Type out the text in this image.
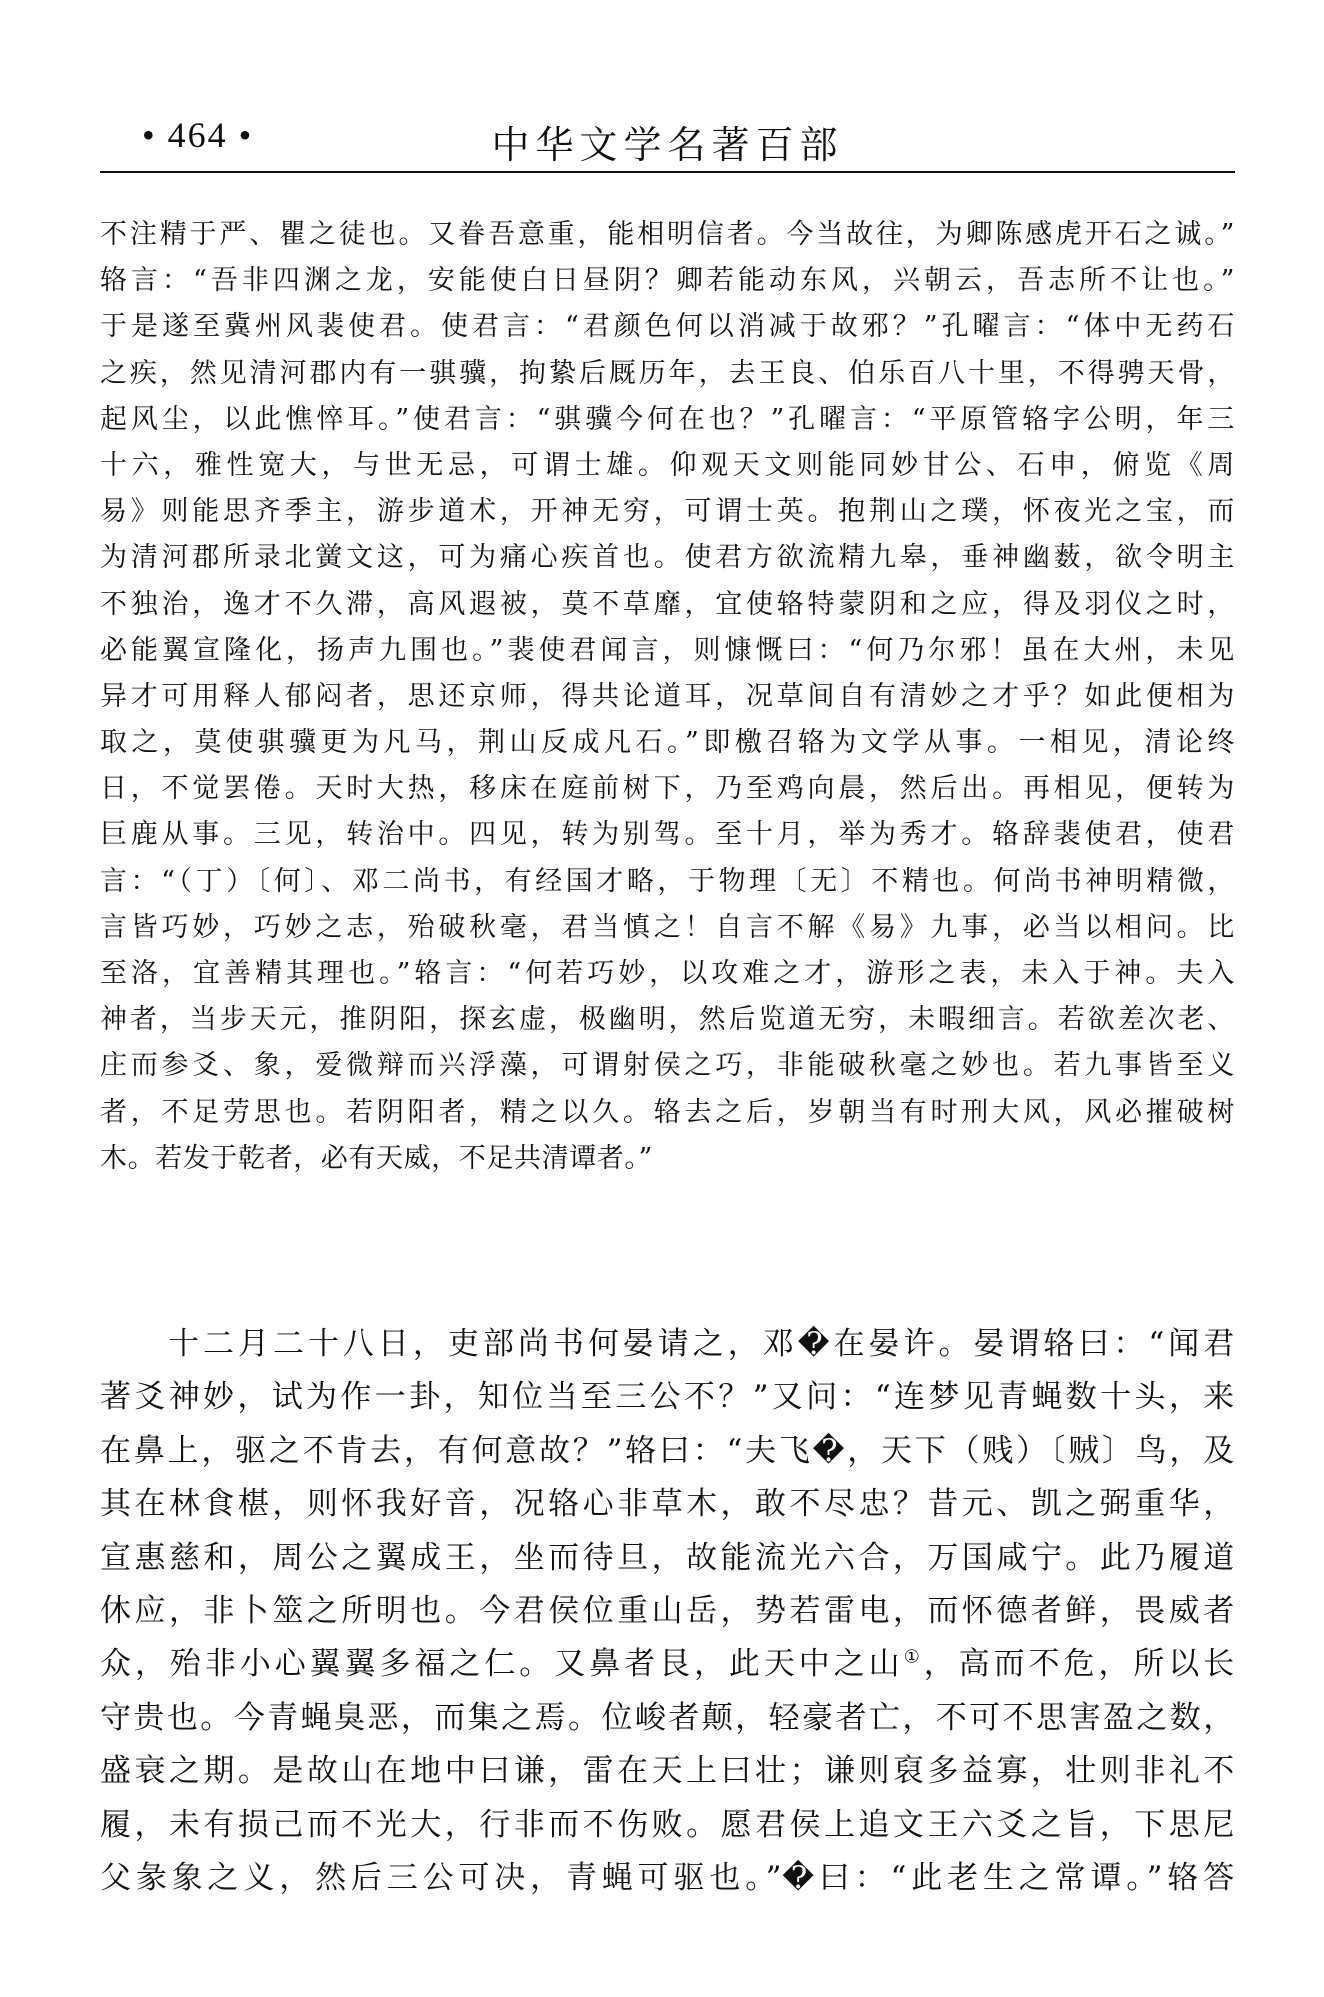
• 464 •	中华文学名著百部

不注精于严、瞿之徒也。又眷吾意重，能相明信者。今当故往，为卿陈感虎开石之诚。”

辂言：“吾非四渊之龙，安能使白日昼阴？卿若能动东风，兴朝云，吾志所不让也。”

于是遂至冀州风裴使君。使君言：“君颜色何以消减于故邪？”孔曜言：“体中无药石

之疾，然见清河郡内有一骐骥，拘絷后厩历年，去王良、伯乐百八十里，不得骋天骨，

起风尘，以此憔悴耳。”使君言：“骐骥今何在也？”孔曜言：“平原管辂字公明，年三

十六，雅性宽大，与世无忌，可谓士雄。仰观天文则能同妙甘公、石申，俯览《周

易》则能思齐季主，游步道术，开神无穷，可谓士英。抱荆山之璞，怀夜光之宝，而

为清河郡所录北黉文这，可为痛心疾首也。使君方欲流精九皋，垂神幽薮，欲令明主

不独治，逸才不久滞，高风遐被，莫不草靡，宜使辂特蒙阴和之应，得及羽仪之时，

必能翼宣隆化，扬声九围也。”裴使君闻言，则慷慨曰：“何乃尔邪！虽在大州，未见

异才可用释人郁闷者，思还京师，得共论道耳，况草间自有清妙之才乎？如此便相为

取之，莫使骐骥更为凡马，荆山反成凡石。”即檄召辂为文学从事。一相见，清论终

日，不觉罢倦。天时大热，移床在庭前树下，乃至鸡向晨，然后出。再相见，便转为

巨鹿从事。三见，转治中。四见，转为别驾。至十月，举为秀才。辂辞裴使君，使君

言：“（丁）〔何〕、邓二尚书，有经国才略，于物理〔无〕不精也。何尚书神明精微，

言皆巧妙，巧妙之志，殆破秋毫，君当慎之！自言不解《易》九事，必当以相问。比

至洛，宜善精其理也。”辂言：“何若巧妙，以攻难之才，游形之表，未入于神。夫入

神者，当步天元，推阴阳，探玄虚，极幽明，然后览道无穷，未暇细言。若欲差次老、

庄而参爻、象，爱微辩而兴浮藻，可谓射侯之巧，非能破秋毫之妙也。若九事皆至义

者，不足劳思也。若阴阳者，精之以久。辂去之后，岁朝当有时刑大风，风必摧破树

木。若发于乾者，必有天威，不足共清谭者。”

十二月二十八日，吏部尚书何晏请之，邓�在晏许。晏谓辂曰：“闻君

著爻神妙，试为作一卦，知位当至三公不？”又问：“连梦见青蝇数十头，来

在鼻上，驱之不肯去，有何意故？”辂曰：“夫飞�，天下（贱）〔贼〕鸟，及

其在林食椹，则怀我好音，况辂心非草木，敢不尽忠？昔元、凯之弼重华，

宣惠慈和，周公之翼成王，坐而待旦，故能流光六合，万国咸宁。此乃履道

休应，非卜筮之所明也。今君侯位重山岳，势若雷电，而怀德者鲜，畏威者

众，殆非小心翼翼多福之仁。又鼻者艮，此天中之山①，高而不危，所以长

守贵也。今青蝇臭恶，而集之焉。位峻者颠，轻豪者亡，不可不思害盈之数，

盛衰之期。是故山在地中曰谦，雷在天上曰壮；谦则裒多益寡，壮则非礼不

履，未有损己而不光大，行非而不伤败。愿君侯上追文王六爻之旨，下思尼

父彖象之义，然后三公可决，青蝇可驱也。”�曰：“此老生之常谭。”辂答
